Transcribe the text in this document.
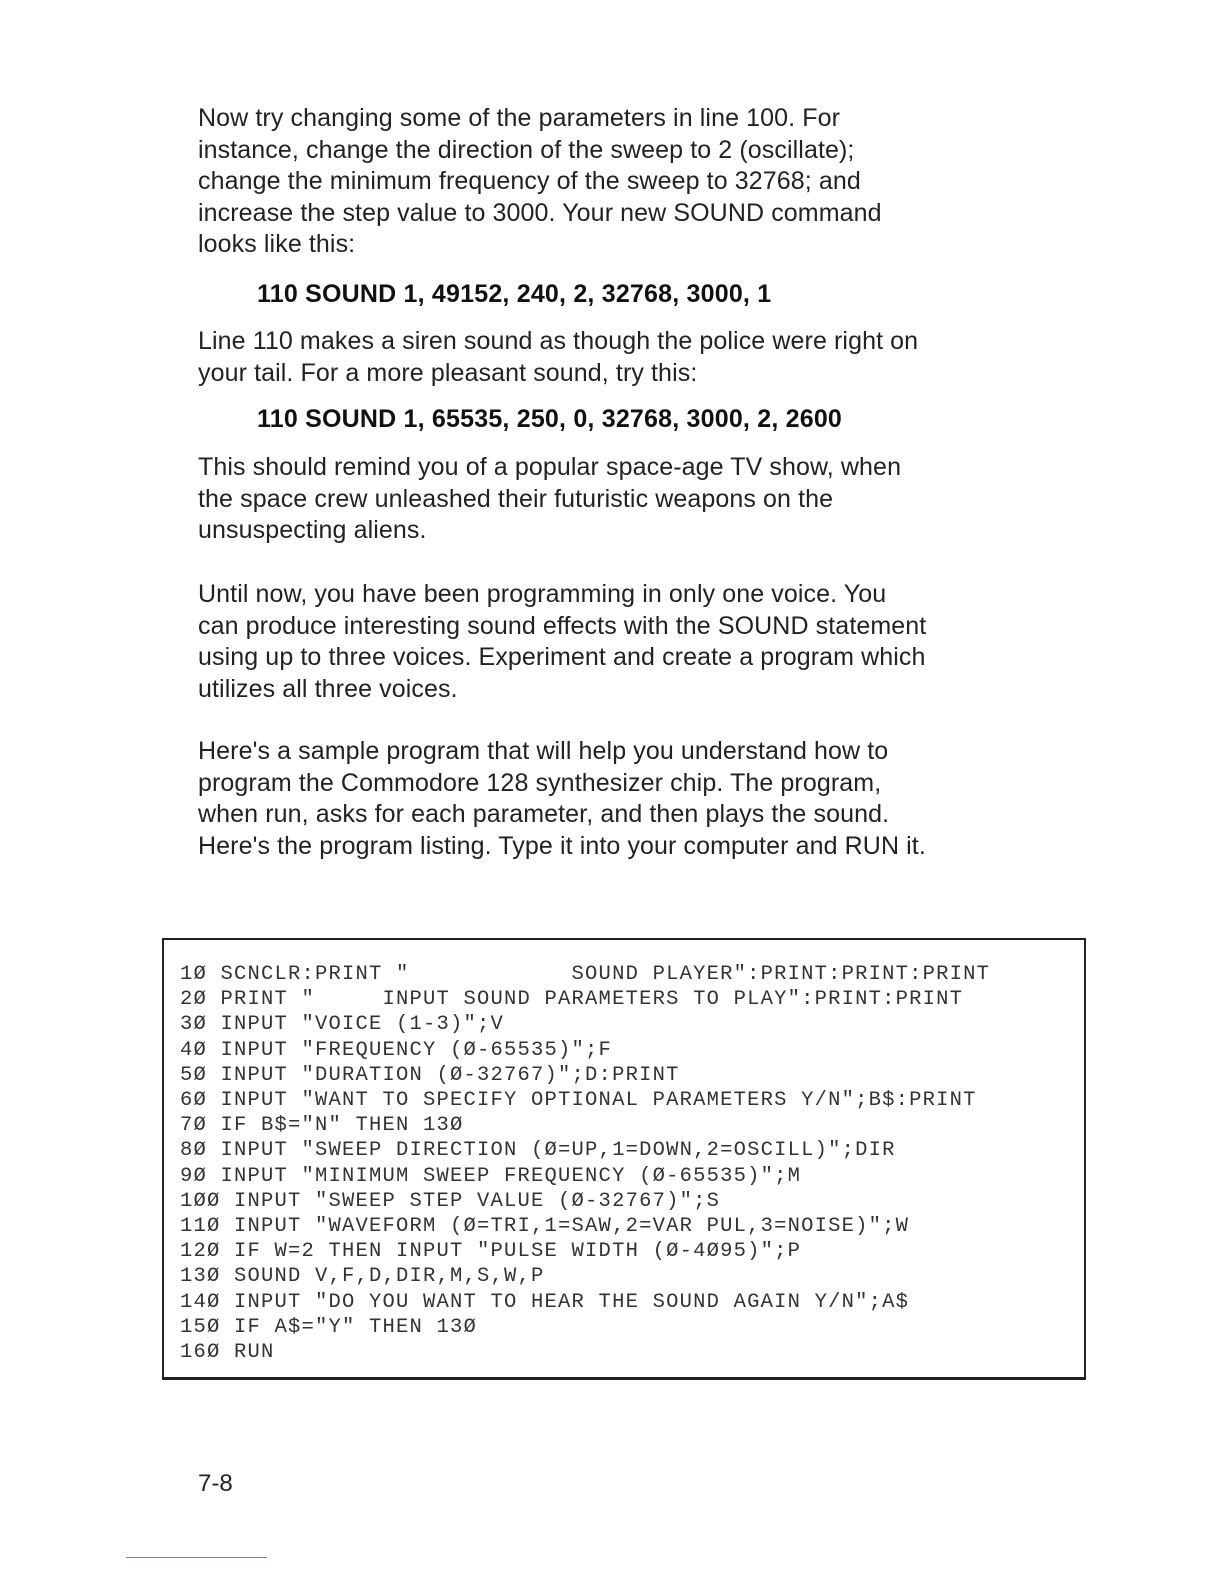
Now try changing some of the parameters in line 100. For
instance, change the direction of the sweep to 2 (oscillate);
change the minimum frequency of the sweep to 32768; and
increase the step value to 3000. Your new SOUND command
looks like this:

110 SOUND 1, 49152, 240, 2, 32768, 3000, 1

Line 110 makes a siren sound as though the police were right on
your tail. For a more pleasant sound, try this:

110 SOUND 1, 65535, 250, 0, 32768, 3000, 2, 2600

This should remind you of a popular space-age TV show, when
the space crew unleashed their futuristic weapons on the
unsuspecting aliens.

Until now, you have been programming in only one voice. You
can produce interesting sound effects with the SOUND statement
using up to three voices. Experiment and create a program which
utilizes all three voices.

Here's a sample program that will help you understand how to
program the Commodore 128 synthesizer chip. The program,
when run, asks for each parameter, and then plays the sound.
Here's the program listing. Type it into your computer and RUN it.

1Ø SCNCLR:PRINT "            SOUND PLAYER":PRINT:PRINT:PRINT
2Ø PRINT "     INPUT SOUND PARAMETERS TO PLAY":PRINT:PRINT
3Ø INPUT "VOICE (1-3)";V
4Ø INPUT "FREQUENCY (Ø-65535)";F
5Ø INPUT "DURATION (Ø-32767)";D:PRINT
6Ø INPUT "WANT TO SPECIFY OPTIONAL PARAMETERS Y/N";B$:PRINT
7Ø IF B$="N" THEN 13Ø
8Ø INPUT "SWEEP DIRECTION (Ø=UP,1=DOWN,2=OSCILL)";DIR
9Ø INPUT "MINIMUM SWEEP FREQUENCY (Ø-65535)";M
1ØØ INPUT "SWEEP STEP VALUE (Ø-32767)";S
11Ø INPUT "WAVEFORM (Ø=TRI,1=SAW,2=VAR PUL,3=NOISE)";W
12Ø IF W=2 THEN INPUT "PULSE WIDTH (Ø-4Ø95)";P
13Ø SOUND V,F,D,DIR,M,S,W,P
14Ø INPUT "DO YOU WANT TO HEAR THE SOUND AGAIN Y/N";A$
15Ø IF A$="Y" THEN 13Ø
16Ø RUN
7-8
